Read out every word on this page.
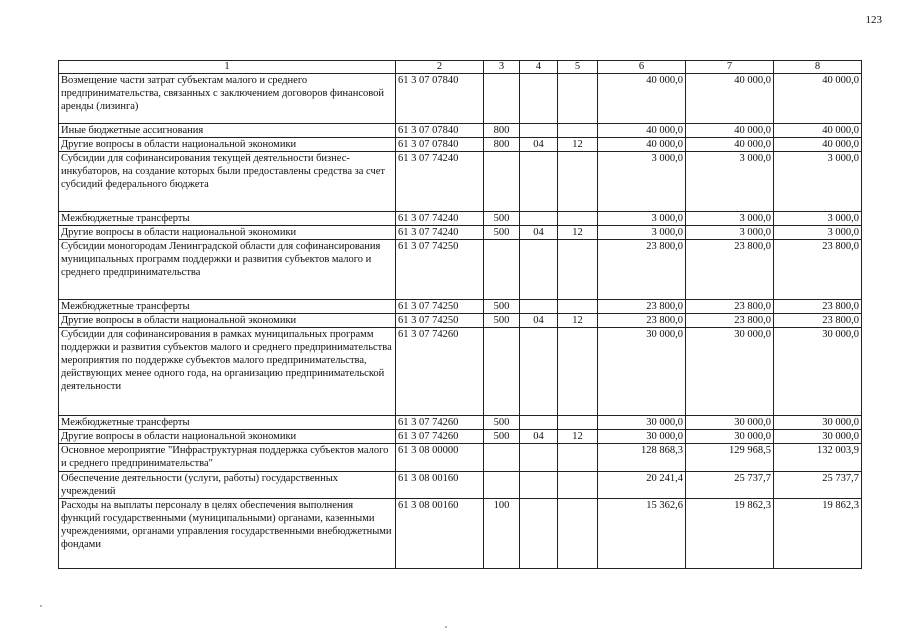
123
1	2	3	4	5	6	7	8
Возмещение части затрат субъектам малого и среднего предпринимательства, связанных с заключением договоров финансовой аренды (лизинга)	61 3 07 07840				40 000,0	40 000,0	40 000,0
Иные бюджетные ассигнования	61 3 07 07840	800			40 000,0	40 000,0	40 000,0
Другие вопросы в области национальной экономики	61 3 07 07840	800	04	12	40 000,0	40 000,0	40 000,0
Субсидии для софинансирования текущей деятельности бизнес-инкубаторов, на создание которых были предоставлены средства за счет субсидий федерального бюджета	61 3 07 74240				3 000,0	3 000,0	3 000,0
Межбюджетные трансферты	61 3 07 74240	500			3 000,0	3 000,0	3 000,0
Другие вопросы в области национальной экономики	61 3 07 74240	500	04	12	3 000,0	3 000,0	3 000,0
Субсидии моногородам Ленинградской области для софинансирования муниципальных программ поддержки и развития субъектов малого и среднего предпринимательства	61 3 07 74250				23 800,0	23 800,0	23 800,0
Межбюджетные трансферты	61 3 07 74250	500			23 800,0	23 800,0	23 800,0
Другие вопросы в области национальной экономики	61 3 07 74250	500	04	12	23 800,0	23 800,0	23 800,0
Субсидии для софинансирования в рамках муниципальных программ поддержки и развития субъектов малого и среднего предпринимательства мероприятия по поддержке субъектов малого предпринимательства, действующих менее одного года, на организацию предпринимательской деятельности	61 3 07 74260				30 000,0	30 000,0	30 000,0
Межбюджетные трансферты	61 3 07 74260	500			30 000,0	30 000,0	30 000,0
Другие вопросы в области национальной экономики	61 3 07 74260	500	04	12	30 000,0	30 000,0	30 000,0
Основное мероприятие "Инфраструктурная поддержка субъектов малого и среднего предпринимательства"	61 3 08 00000				128 868,3	129 968,5	132 003,9
Обеспечение деятельности (услуги, работы) государственных учреждений	61 3 08 00160				20 241,4	25 737,7	25 737,7
Расходы на выплаты персоналу в целях обеспечения выполнения функций государственными (муниципальными) органами, казенными учреждениями, органами управления государственными внебюджетными фондами	61 3 08 00160	100			15 362,6	19 862,3	19 862,3
